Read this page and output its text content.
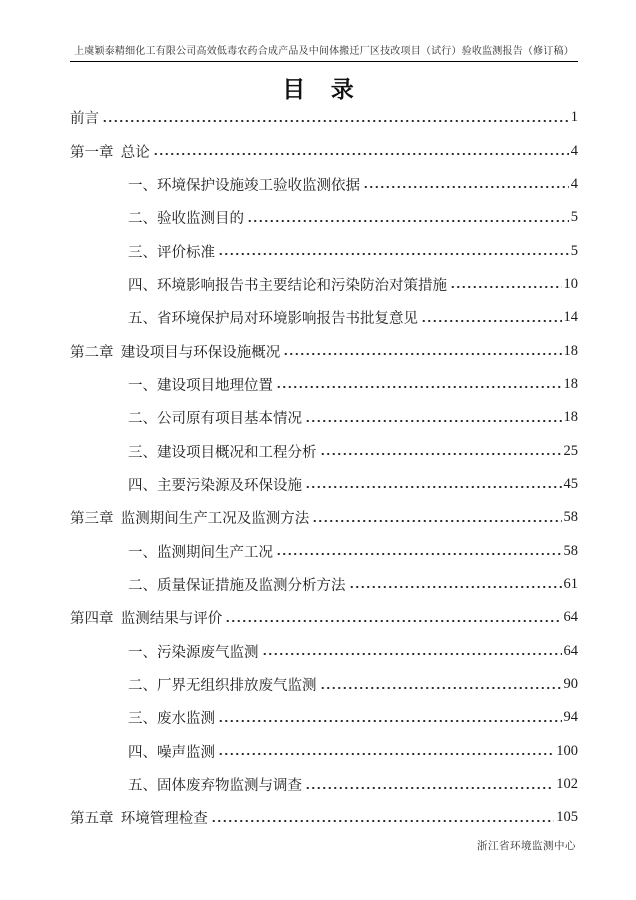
上虞颖泰精细化工有限公司高效低毒农药合成产品及中间体搬迁厂区技改项目（试行）验收监测报告（修订稿）
目    录
前言	1
第一章  总论	4
一、环境保护设施竣工验收监测依据	4
二、验收监测目的	5
三、评价标准	5
四、环境影响报告书主要结论和污染防治对策措施	10
五、省环境保护局对环境影响报告书批复意见	14
第二章  建设项目与环保设施概况	18
一、建设项目地理位置	18
二、公司原有项目基本情况	18
三、建设项目概况和工程分析	25
四、主要污染源及环保设施	45
第三章  监测期间生产工况及监测方法	58
一、监测期间生产工况	58
二、质量保证措施及监测分析方法	61
第四章  监测结果与评价	64
一、污染源废气监测	64
二、厂界无组织排放废气监测	90
三、废水监测	94
四、噪声监测	100
五、固体废弃物监测与调查	102
第五章  环境管理检查	105
浙江省环境监测中心
